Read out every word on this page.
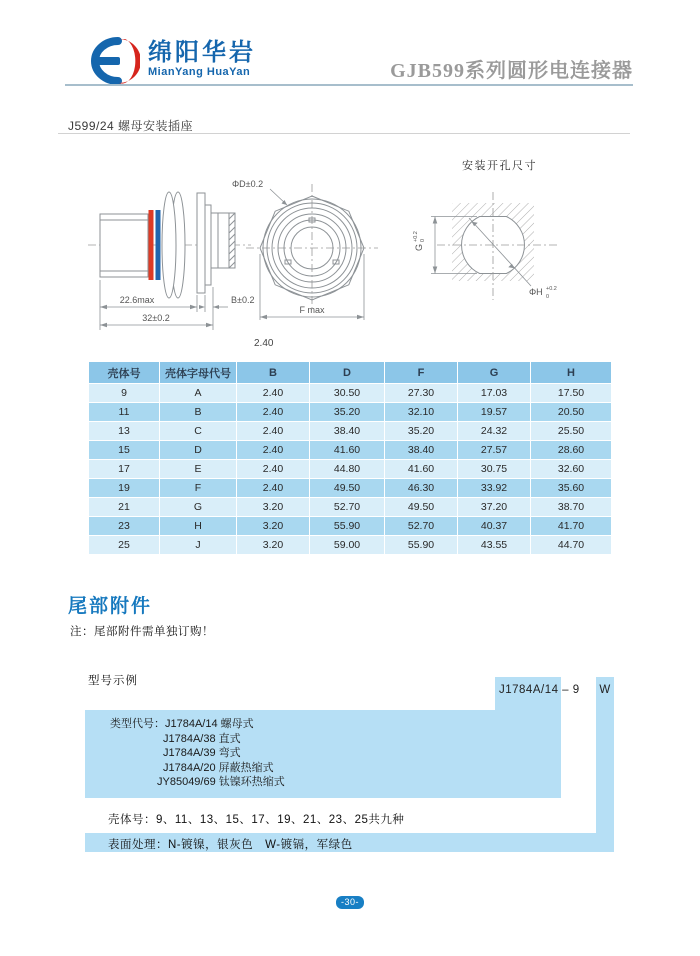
绵阳华岩
MianYang HuaYan	GJB599系列圆形电连接器
J599/24 螺母安装插座
22.6max	B±0.2
32±0.2
ΦD±0.2
F max
2.40
安装开孔尺寸
G
+0.2 0
ΦH +0.2
0
壳体号	壳体字母代号	B	D	F	G	H
9	A	2.40	30.50	27.30	17.03	17.50
11	B	2.40	35.20	32.10	19.57	20.50
13	C	2.40	38.40	35.20	24.32	25.50
15	D	2.40	41.60	38.40	27.57	28.60
17	E	2.40	44.80	41.60	30.75	32.60
19	F	2.40	49.50	46.30	33.92	35.60
21	G	3.20	52.70	49.50	37.20	38.70
23	H	3.20	55.90	52.70	40.37	41.70
25	J	3.20	59.00	55.90	43.55	44.70
尾部附件
注：尾部附件需单独订购！
型号示例
J1784A/14 – 9 W
类型代号：J1784A/14 螺母式
J1784A/38 直式
J1784A/39 弯式
J1784A/20 屏蔽热缩式
JY85049/69 钛镍环热缩式
壳体号：9、11、13、15、17、19、21、23、25共九种
表面处理：N-镀镍，银灰色　W-镀镉，军绿色
-30-
